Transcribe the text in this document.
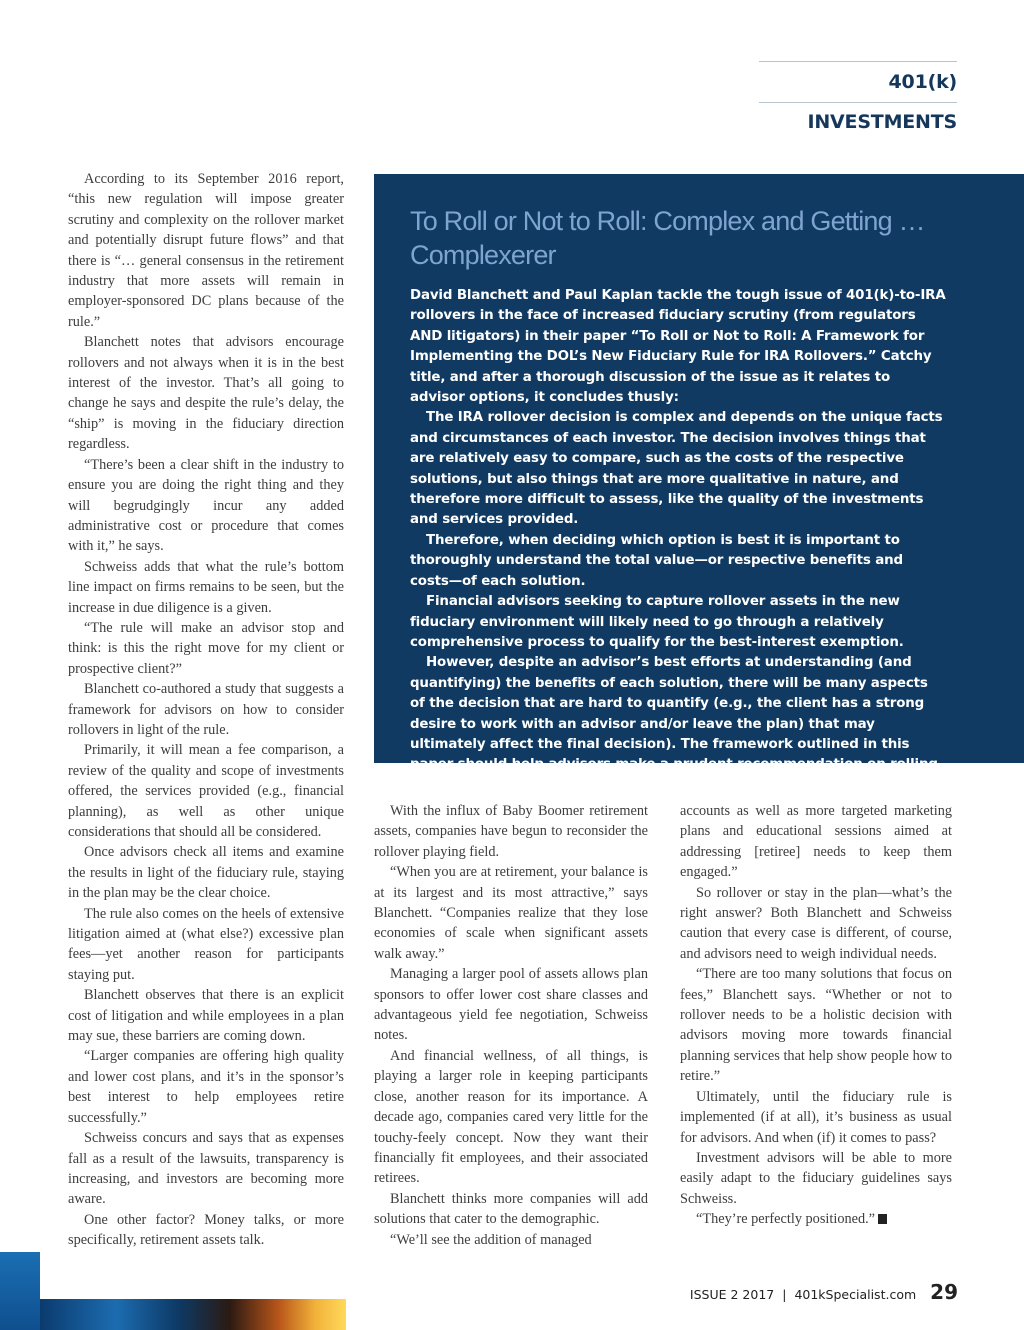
401(k) INVESTMENTS

According to its September 2016 report, “this new regulation will impose greater scrutiny and complexity on the rollover market and potentially disrupt future flows” and that there is “… general consensus in the retirement industry that more assets will remain in employer-sponsored DC plans because of the rule.”

Blanchett notes that advisors encourage rollovers and not always when it is in the best interest of the investor. That’s all going to change he says and despite the rule’s delay, the “ship” is moving in the fiduciary direction regardless.

“There’s been a clear shift in the industry to ensure you are doing the right thing and they will begrudgingly incur any added administrative cost or procedure that comes with it,” he says.

Schweiss adds that what the rule’s bottom line impact on firms remains to be seen, but the increase in due diligence is a given.

“The rule will make an advisor stop and think: is this the right move for my client or prospective client?”

Blanchett co-authored a study that suggests a framework for advisors on how to consider rollovers in light of the rule.

Primarily, it will mean a fee comparison, a review of the quality and scope of investments offered, the services provided (e.g., financial planning), as well as other unique considerations that should all be considered.

Once advisors check all items and examine the results in light of the fiduciary rule, staying in the plan may be the clear choice.

The rule also comes on the heels of extensive litigation aimed at (what else?) excessive plan fees—yet another reason for participants staying put.

Blanchett observes that there is an explicit cost of litigation and while employees in a plan may sue, these barriers are coming down.

“Larger companies are offering high quality and lower cost plans, and it’s in the sponsor’s best interest to help employees retire successfully.”

Schweiss concurs and says that as expenses fall as a result of the lawsuits, transparency is increasing, and investors are becoming more aware.

One other factor? Money talks, or more specifically, retirement assets talk.

To Roll or Not to Roll: Complex and Getting … Complexerer

David Blanchett and Paul Kaplan tackle the tough issue of 401(k)-to-IRA rollovers in the face of increased fiduciary scrutiny (from regulators AND litigators) in their paper “To Roll or Not to Roll: A Framework for Implementing the DOL’s New Fiduciary Rule for IRA Rollovers.” Catchy title, and after a thorough discussion of the issue as it relates to advisor options, it concludes thusly:

The IRA rollover decision is complex and depends on the unique facts and circumstances of each investor. The decision involves things that are relatively easy to compare, such as the costs of the respective solutions, but also things that are more qualitative in nature, and therefore more difficult to assess, like the quality of the investments and services provided.

Therefore, when deciding which option is best it is important to thoroughly understand the total value—or respective benefits and costs—of each solution.

Financial advisors seeking to capture rollover assets in the new fiduciary environment will likely need to go through a relatively comprehensive process to qualify for the best-interest exemption.

However, despite an advisor’s best efforts at understanding (and quantifying) the benefits of each solution, there will be many aspects of the decision that are hard to quantify (e.g., the client has a strong desire to work with an advisor and/or leave the plan) that may ultimately affect the final decision). The framework outlined in this paper should help advisors make a prudent recommendation on rolling over DC assets into an IRA, meeting the new fiduciary standard.

With the influx of Baby Boomer retirement assets, companies have begun to reconsider the rollover playing field.

“When you are at retirement, your balance is at its largest and its most attractive,” says Blanchett. “Companies realize that they lose economies of scale when significant assets walk away.”

Managing a larger pool of assets allows plan sponsors to offer lower cost share classes and advantageous yield fee negotiation, Schweiss notes.

And financial wellness, of all things, is playing a larger role in keeping participants close, another reason for its importance. A decade ago, companies cared very little for the touchy-feely concept. Now they want their financially fit employees, and their associated retirees.

Blanchett thinks more companies will add solutions that cater to the demographic.

“We’ll see the addition of managed

accounts as well as more targeted marketing plans and educational sessions aimed at addressing [retiree] needs to keep them engaged.”

So rollover or stay in the plan—what’s the right answer? Both Blanchett and Schweiss caution that every case is different, of course, and advisors need to weigh individual needs.

“There are too many solutions that focus on fees,” Blanchett says. “Whether or not to rollover needs to be a holistic decision with advisors moving more towards financial planning services that help show people how to retire.”

Ultimately, until the fiduciary rule is implemented (if at all), it’s business as usual for advisors. And when (if) it comes to pass?

Investment advisors will be able to more easily adapt to the fiduciary guidelines says Schweiss.

“They’re perfectly positioned.”

ISSUE 2 2017 | 401kSpecialist.com 29
